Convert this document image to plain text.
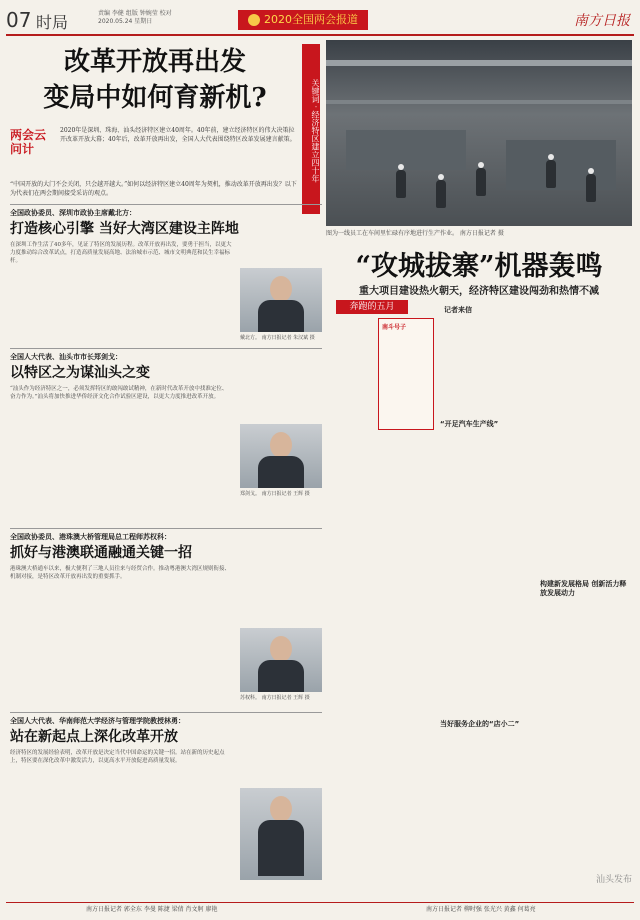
07 时局	责编 李健 组版 钟婉莹 校对 2020.05.24 星期日	2020全国两会报道	南方日报
改革开放再出发
变局中如何育新机?	关键词 · 经济特区建立四十年
两会云问计
2020年是深圳、珠海、汕头经济特区建立40周年。40年前，建立经济特区的伟大决策拉开改革开放大幕；40年后，改革开放再出发，全国人大代表围绕特区改革发展建言献策。
“中国开放的大门不会关闭，只会越开越大。”如何以经济特区建立40周年为契机，推动改革开放再出发？以下为代表们在两会期间接受采访的观点。
图为一线员工在车间里忙碌有序地进行生产作业。 南方日报记者 摄
“攻城拔寨”机器轰鸣
重大项目建设热火朝天，经济特区建设闯劲和热情不减
奔跑的五月
全国政协委员、深圳市政协主席戴北方：
打造核心引擎 当好大湾区建设主阵地
在深圳工作生活了40多年，见证了特区的发展历程。改革开放再出发，要勇于担当，以更大力度推动综合改革试点，打造高质量发展高地、法治城市示范、城市文明典范和民生幸福标杆。
戴北方。 南方日报记者 朱汉斌 摄
全国人大代表、汕头市市长郑剑戈：
以特区之为谋汕头之变
“汕头作为经济特区之一，必须发挥特区的敢闯敢试精神，在新时代改革开放中找准定位、奋力作为。”汕头将加快推进华侨经济文化合作试验区建设，以更大力度推进改革开放。
郑剑戈。 南方日报记者 王辉 摄
全国政协委员、港珠澳大桥管理局总工程师苏权科：
抓好与港澳联通融通关键一招
港珠澳大桥通车以来，极大便利了三地人员往来与经贸合作。推动粤港澳大湾区规则衔接、机制对接，是特区改革开放再出发的重要抓手。
苏权科。 南方日报记者 王辉 摄
全国人大代表、华南师范大学经济与管理学院教授林勇：
站在新起点上深化改革开放
经济特区的发展经验表明，改革开放是决定当代中国命运的关键一招。站在新的历史起点上，特区要在深化改革中激发活力，以更高水平开放促进高质量发展。
南斗号子
记者来信
“开足汽车生产线”
当好服务企业的“店小二”
构建新发展格局 创新活力释放发展动力
汕头发布
南方日报记者 郭全东 李曼 陈捷 梁倩 肖文舸 廖艳	南方日报记者 柳时强 张光兴 黄鑫 何葛亮
